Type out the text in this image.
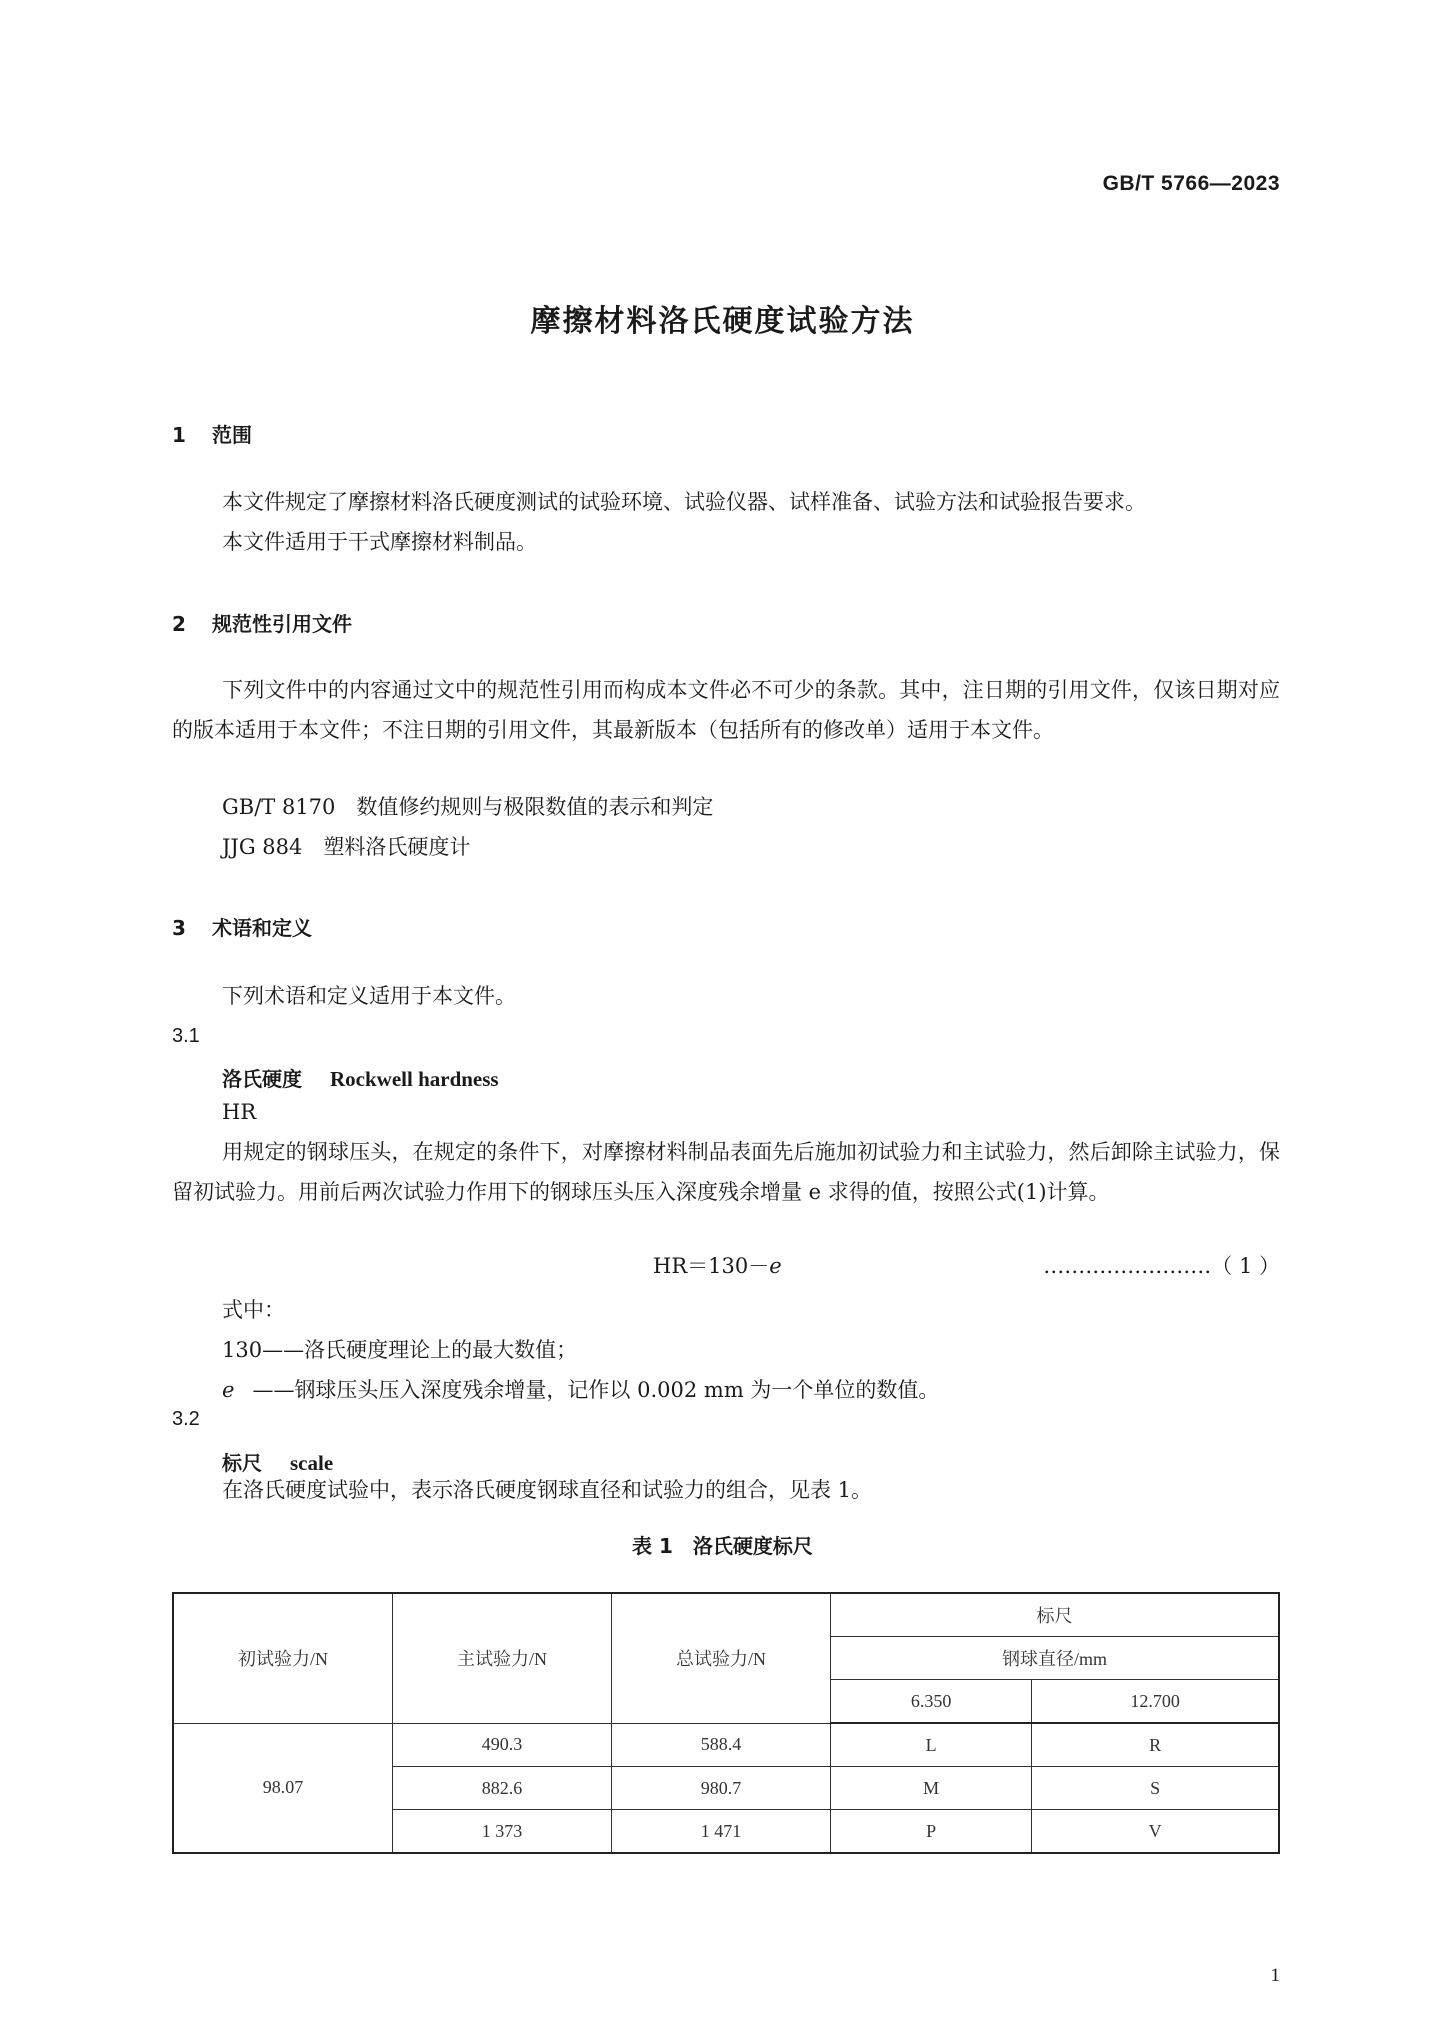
GB/T 5766—2023
摩擦材料洛氏硬度试验方法
1 范围
本文件规定了摩擦材料洛氏硬度测试的试验环境、试验仪器、试样准备、试验方法和试验报告要求。
本文件适用于干式摩擦材料制品。
2 规范性引用文件
下列文件中的内容通过文中的规范性引用而构成本文件必不可少的条款。其中，注日期的引用文件，仅该日期对应的版本适用于本文件；不注日期的引用文件，其最新版本（包括所有的修改单）适用于本文件。
GB/T 8170　数值修约规则与极限数值的表示和判定
JJG 884　塑料洛氏硬度计
3 术语和定义
下列术语和定义适用于本文件。
3.1
洛氏硬度 Rockwell hardness
HR
用规定的钢球压头，在规定的条件下，对摩擦材料制品表面先后施加初试验力和主试验力，然后卸除主试验力，保留初试验力。用前后两次试验力作用下的钢球压头压入深度残余增量 e 求得的值，按照公式(1)计算。
HR＝130－e	……………………（ 1 ）
式中：
130——洛氏硬度理论上的最大数值；
e ——钢球压头压入深度残余增量，记作以 0.002 mm 为一个单位的数值。
3.2
标尺 scale
在洛氏硬度试验中，表示洛氏硬度钢球直径和试验力的组合，见表 1。
表 1　洛氏硬度标尺
初试验力/N	主试验力/N	总试验力/N	标尺	
			钢球直径/mm	
			6.350	12.700
98.07	490.3	588.4	L	R
	882.6	980.7	M	S
	1 373	1 471	P	V
1
